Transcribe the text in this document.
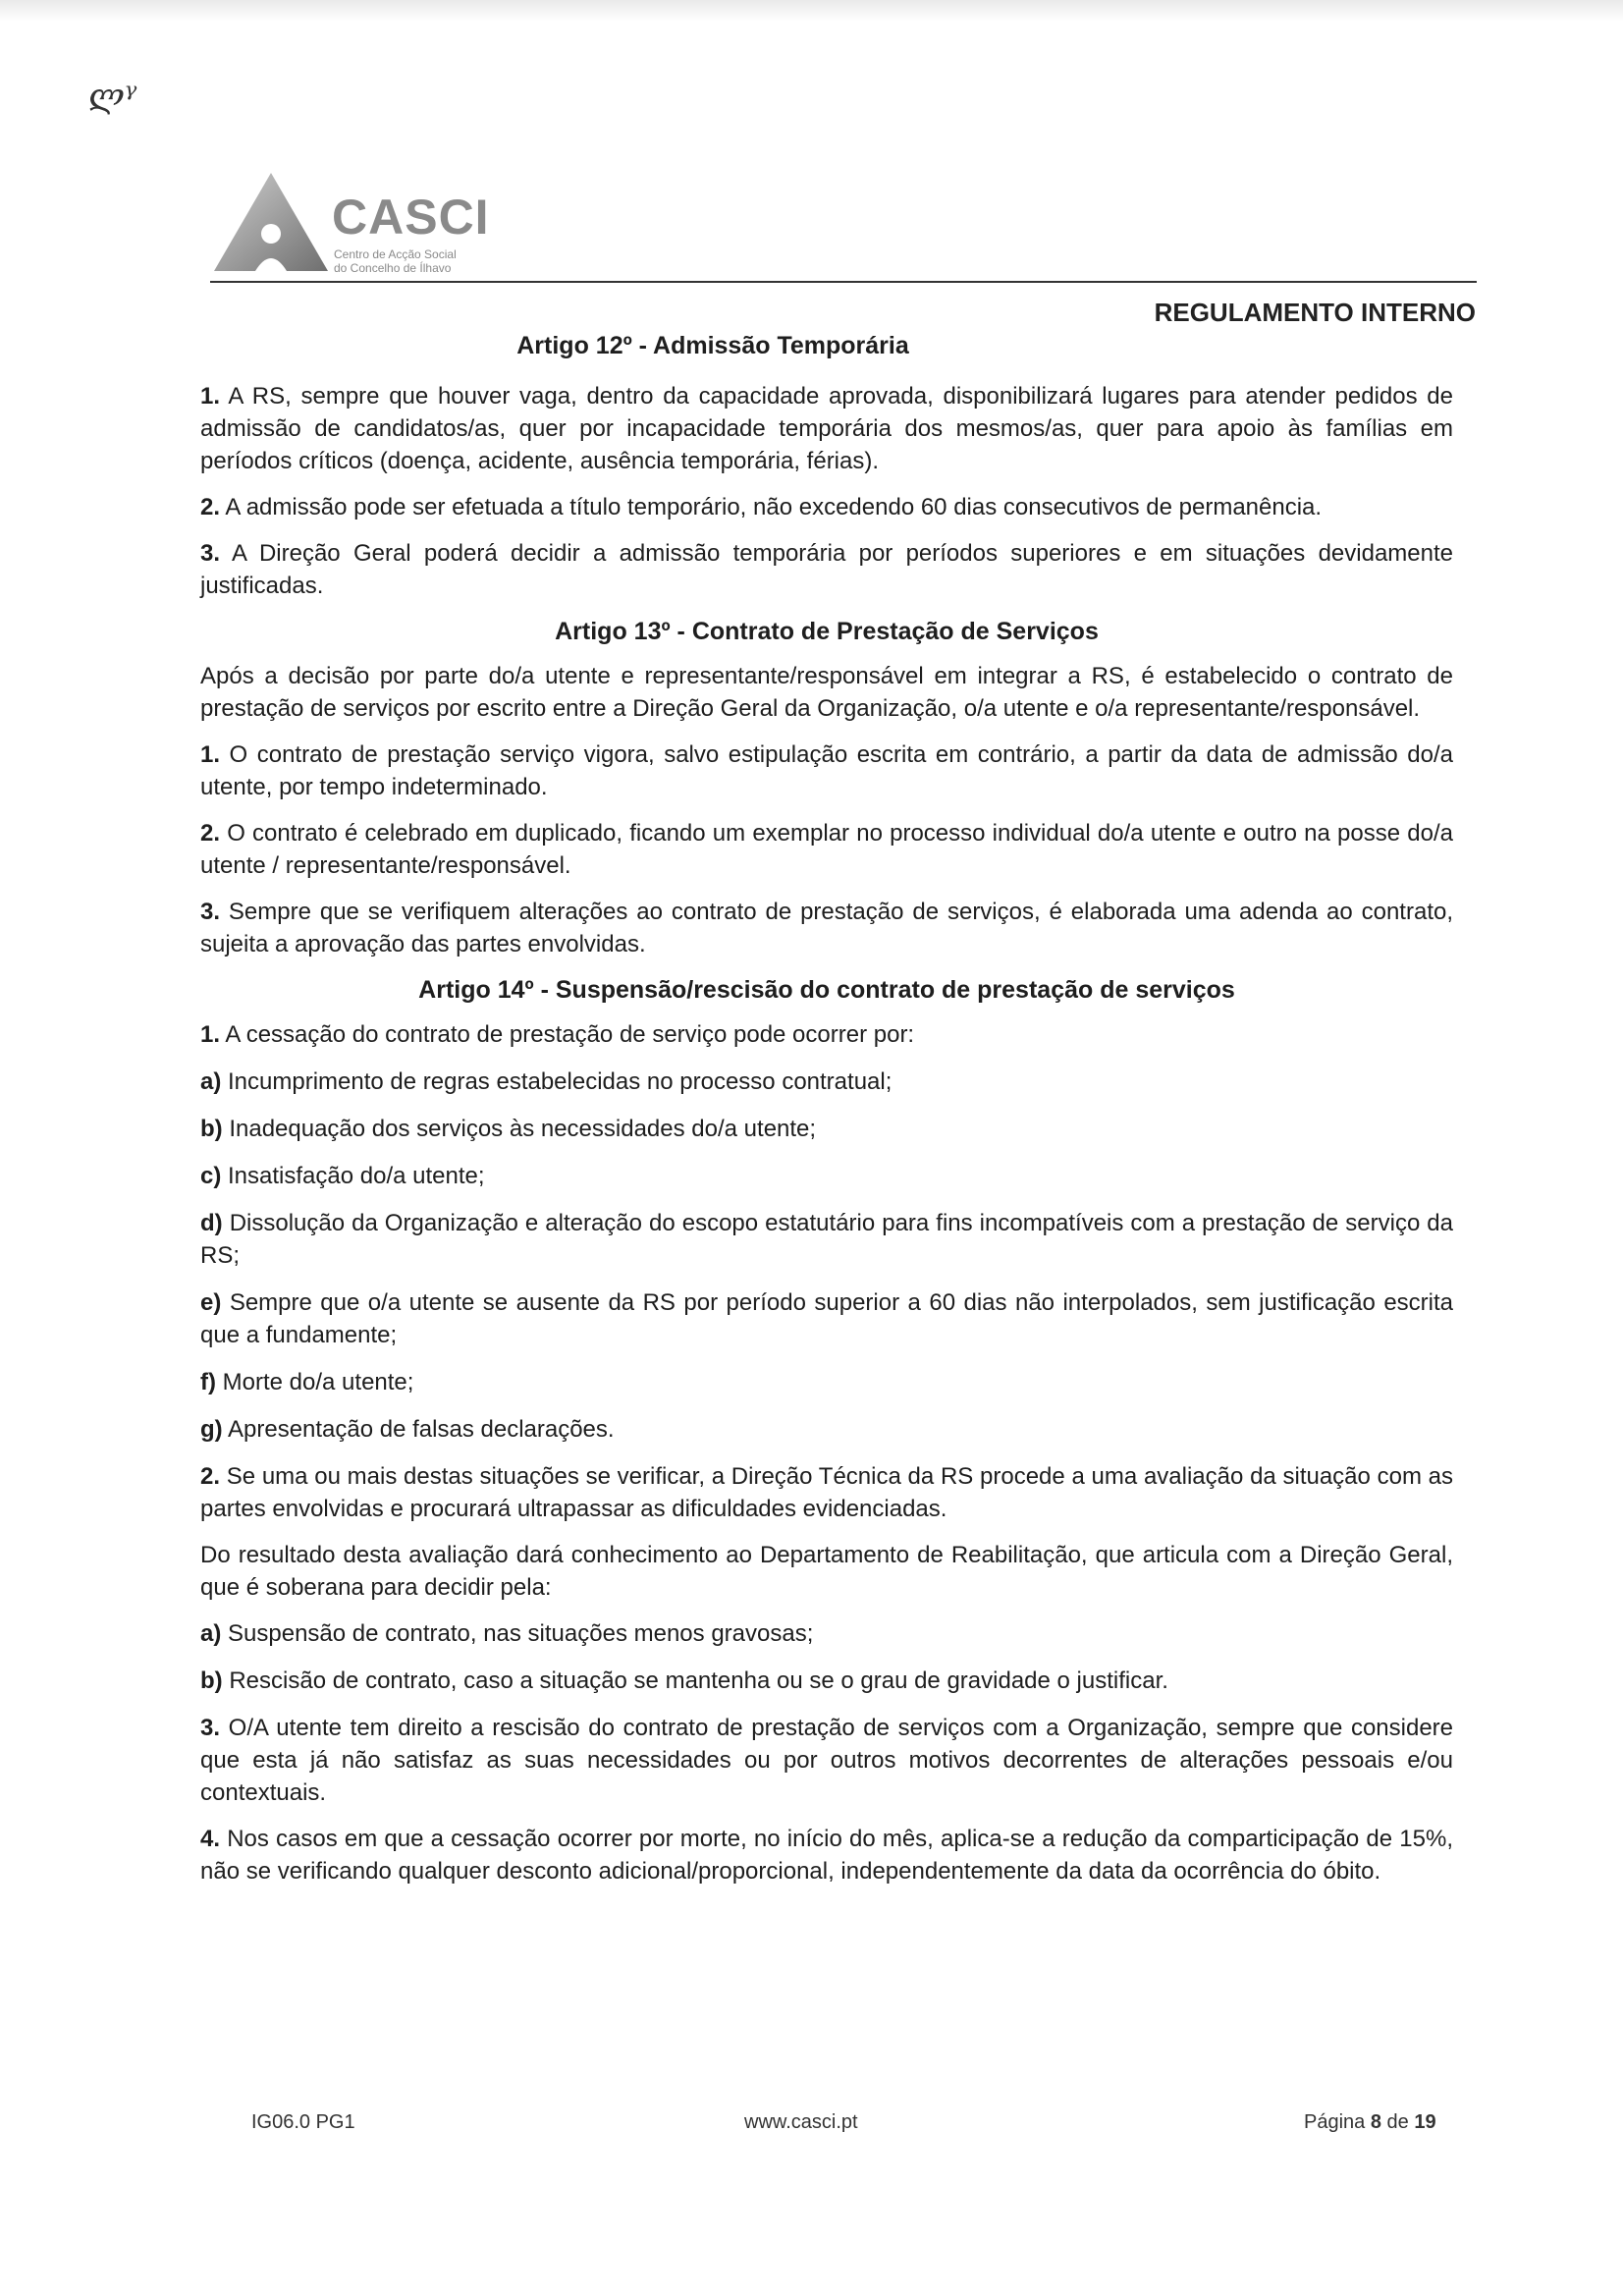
ლᵞ
CASCI
Centro de Acção Social
do Concelho de Ílhavo
REGULAMENTO INTERNO
Artigo 12º - Admissão Temporária

1. A RS, sempre que houver vaga, dentro da capacidade aprovada, disponibilizará lugares para atender pedidos de admissão de candidatos/as, quer por incapacidade temporária dos mesmos/as, quer para apoio às famílias em períodos críticos (doença, acidente, ausência temporária, férias).

2. A admissão pode ser efetuada a título temporário, não excedendo 60 dias consecutivos de permanência.

3. A Direção Geral poderá decidir a admissão temporária por períodos superiores e em situações devidamente justificadas.

Artigo 13º - Contrato de Prestação de Serviços

Após a decisão por parte do/a utente e representante/responsável em integrar a RS, é estabelecido o contrato de prestação de serviços por escrito entre a Direção Geral da Organização, o/a utente e o/a representante/responsável.

1. O contrato de prestação serviço vigora, salvo estipulação escrita em contrário, a partir da data de admissão do/a utente, por tempo indeterminado.

2. O contrato é celebrado em duplicado, ficando um exemplar no processo individual do/a utente e outro na posse do/a utente / representante/responsável.

3. Sempre que se verifiquem alterações ao contrato de prestação de serviços, é elaborada uma adenda ao contrato, sujeita a aprovação das partes envolvidas.

Artigo 14º - Suspensão/rescisão do contrato de prestação de serviços

1. A cessação do contrato de prestação de serviço pode ocorrer por:

a) Incumprimento de regras estabelecidas no processo contratual;

b) Inadequação dos serviços às necessidades do/a utente;

c) Insatisfação do/a utente;

d) Dissolução da Organização e alteração do escopo estatutário para fins incompatíveis com a prestação de serviço da RS;

e) Sempre que o/a utente se ausente da RS por período superior a 60 dias não interpolados, sem justificação escrita que a fundamente;

f) Morte do/a utente;

g) Apresentação de falsas declarações.

2. Se uma ou mais destas situações se verificar, a Direção Técnica da RS procede a uma avaliação da situação com as partes envolvidas e procurará ultrapassar as dificuldades evidenciadas.

Do resultado desta avaliação dará conhecimento ao Departamento de Reabilitação, que articula com a Direção Geral, que é soberana para decidir pela:

a) Suspensão de contrato, nas situações menos gravosas;

b) Rescisão de contrato, caso a situação se mantenha ou se o grau de gravidade o justificar.

3. O/A utente tem direito a rescisão do contrato de prestação de serviços com a Organização, sempre que considere que esta já não satisfaz as suas necessidades ou por outros motivos decorrentes de alterações pessoais e/ou contextuais.

4. Nos casos em que a cessação ocorrer por morte, no início do mês, aplica-se a redução da comparticipação de 15%, não se verificando qualquer desconto adicional/proporcional, independentemente da data da ocorrência do óbito.

IG06.0 PG1	www.casci.pt	Página 8 de 19
